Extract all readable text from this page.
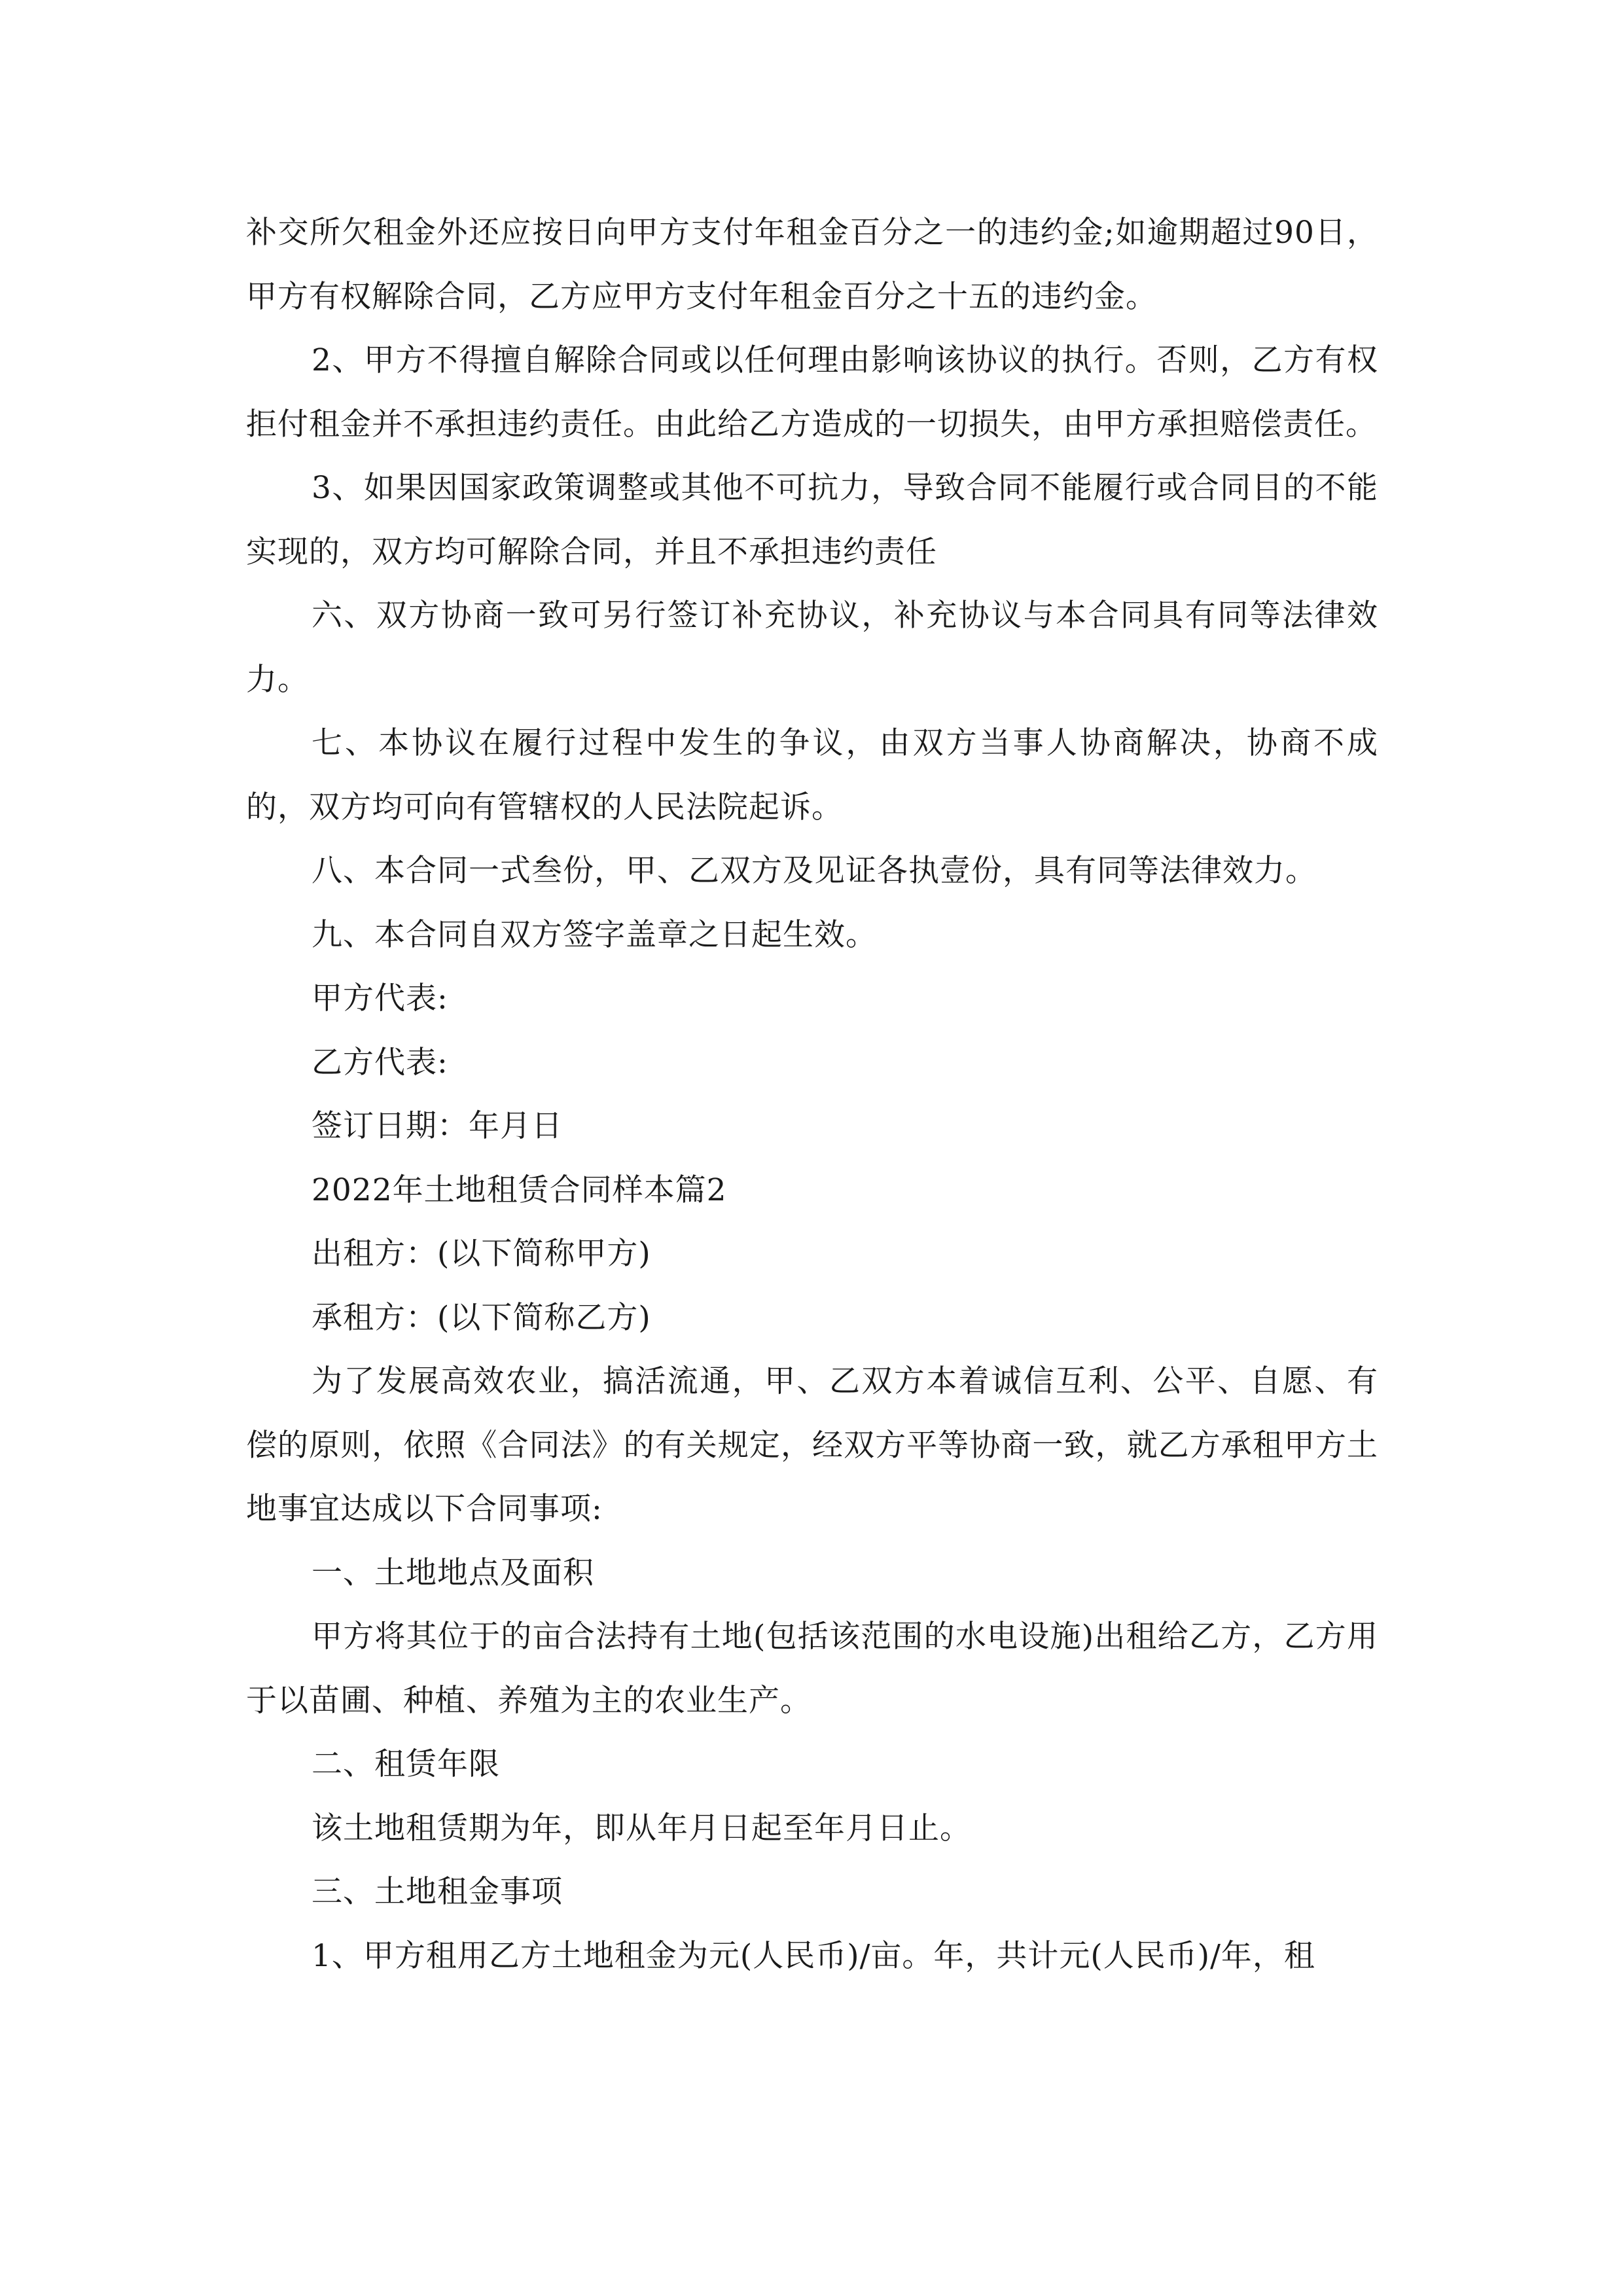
补交所欠租金外还应按日向甲方支付年租金百分之一的违约金;如逾期超过90日，甲方有权解除合同，乙方应甲方支付年租金百分之十五的违约金。

2、甲方不得擅自解除合同或以任何理由影响该协议的执行。否则，乙方有权拒付租金并不承担违约责任。由此给乙方造成的一切损失，由甲方承担赔偿责任。

3、如果因国家政策调整或其他不可抗力，导致合同不能履行或合同目的不能实现的，双方均可解除合同，并且不承担违约责任

六、双方协商一致可另行签订补充协议，补充协议与本合同具有同等法律效力。

七、本协议在履行过程中发生的争议，由双方当事人协商解决，协商不成的，双方均可向有管辖权的人民法院起诉。

八、本合同一式叁份，甲、乙双方及见证各执壹份，具有同等法律效力。

九、本合同自双方签字盖章之日起生效。

甲方代表:

乙方代表:

签订日期：年月日

2022年土地租赁合同样本篇2

出租方：(以下简称甲方)

承租方：(以下简称乙方)

为了发展高效农业，搞活流通，甲、乙双方本着诚信互利、公平、自愿、有偿的原则，依照《合同法》的有关规定，经双方平等协商一致，就乙方承租甲方土地事宜达成以下合同事项:

一、土地地点及面积

甲方将其位于的亩合法持有土地(包括该范围的水电设施)出租给乙方，乙方用于以苗圃、种植、养殖为主的农业生产。

二、租赁年限

该土地租赁期为年，即从年月日起至年月日止。

三、土地租金事项

1、甲方租用乙方土地租金为元(人民币)/亩。年，共计元(人民币)/年，租
